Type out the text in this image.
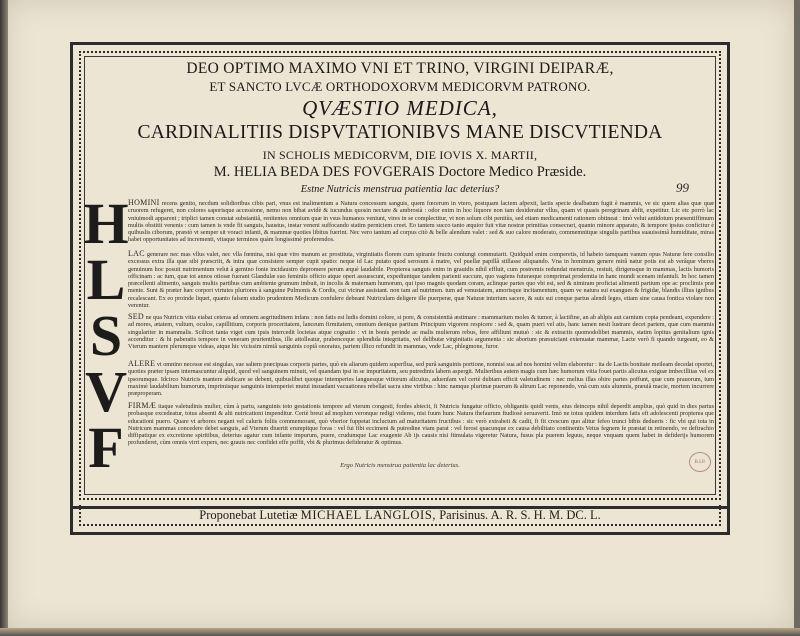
DEO OPTIMO MAXIMO VNI ET TRINO, VIRGINI DEIPARÆ,
ET SANCTO LVCÆ ORTHODOXORVM MEDICORVM PATRONO.
QVÆSTIO MEDICA,
CARDINALITIIS DISPVTATIONIBVS MANE DISCVTIENDA
IN SCHOLIS MEDICORVM, DIE IOVIS X. MARTII,
M. HELIA BEDA DES FOVGERAIS Doctore Medico Præside.
Estne Nutricis menstrua patientia lac deterius?	99
H
L
S
V
F
HOMINI recens genito, necdum solidioribus cibis pari, vnus est inalimentum a Natura concessum sanguis, quem fœcerum in vtero, postquam lactem afpexit, lactis specie dealbatum fugit è mammis, ve sic quem alias quæ quæ cruorem refugeret, non colores saporisque accessione, nemo non bibat avidè & iucundus quosin nectare & ambrosià : odor enim in hoc liquore non tam desideratur vllus, quam vt quasis peregrinam abfit, expetitur. Lic etc porrò lac vniuimodi apparent ; triplici tamen constat substantiâ, renitentes omnium quæ in vsus humanos veniunt, vires in se complectitur, vt non solum cibi penitùs, sed etiam medicamenti rationem obtineat : imò velut antidotum præsentiffimum multis obstitit venenis : cum tamen is vnde fit sanguis, haustus, instar veneni suffocando statim perniciem creet. Eo tantem succo tanto æquior fuit vitæ nostræ primitias consecrari, quanto minore apparato, & tempore ipsius conficitur è quibuslis ciborum, præstò vt semper sit voraci infanti, & mammæ quoties libitus fuerint. Nec vero tantum ad corpus citò & belle alendum valet : sed & suo calore moderato, commemnitque singulis partibus suauissimâ humiditate, miras habet opportunitates ad incrementi, vitaque terminos quàm longissimè proferendos.
LAC generare nec mas vllus valet, nec vlla fœmina, nisi quæ viro manum ac prostituta, virginitatis florem cum spirante fructu coniungi commutarit. Quidquid enim comperetis, id habeto tamquam vanum opus Naturæ fere consilio excessus extra illa quæ sibi præscriit, & intra quæ consistere semper cupit spatio: neque id Lac putato quod serosum à matre, vel puellæ papillâ stillasse aliquando. Vna in hominum genere mirâ natur potis est ab verâque vberes genuinum hoc posuit nutrimentum velut à gemino fonte incidaustro depromere perum æquè laudabile. Propterea sanguis enim in grauidis nihil effluit, cum postremis redundat menstruis, restuit, dirigensque in mammas, lactis humoris officinam : ac tum, quæ tot annos otiosæ fuerant Glandulæ suo feminiis officio atque operi assuescunt, expediuntque tandem parienti succum, quo vagiens futuræque comprimat prodemtia in hanc mundi scenam infantuli. In hoc tamen præcellenti alimento, sanguis multis partibus cum ambiente grumum imbuit, in incolis & maternam humorum, qui ipso magnis quodam coram, aclinque partes quo vbi est, sed & nimiram proficiat alimenti partium ope ac proclimis præ mente. Sunt & præter hæc corpori virtutes pluriores à sanguine Pulmonis & Cordis, cui vicinæ assistant. non tam ad nutrimen. tum ad venustatem, amorisque incitamentum, quam ve natura sui exangues & frigidæ, blandis illius ignibus recalescant. Ex eo proinde liquet, quanto falsem studio prudentem Medicum confulere debeant Nutriculam deligere ille puerperæ, quæ Naturæ interium sacere, & suis sui conque partus alendi leges, etiam sine causa fontica violare non verentur.
SED ne qua Nutricis vitia eiabat ceteras ad omnem aegritudinem infans : non fatis est ludis domini colore, si pore, & consistentià æstimare : mammarium moles & tumor, à lactifine, an ab ablpis aut carnium copia pendeant, expendere : ad mores, ætatem, vultum, oculos, capillitium, corporis proceritatem, lanceum firmitatem, omnium denique partium Principum vigorem respicere : sed &, quam pueri vel atis, hanc tamen nesit lustrare decet partem, quæ cum mammis singulariter in mammalis. Scilicet tanta viget cum ipsis intercedit locietas atque cognatio : vt in bonis perinde ac malis mulierum rebus, fere affiliunt mutuò : sic & extractis quomodolibet mammis, statim lopitus genitalium ignis accenditur : & hi paberatis tempore in veneram prurientibus, ille attolleatur, prabenceque splendida integritatis, vel delibutæ virginitatis argumenta : sic abortum præsuiciant extenuatæ mammæ, Lacte verò fi quando turgeant, eo & Vterum mantere plerumque videas, atque hic vicissim nimiâ sanguinis copiâ onoratus, partem illico refundit in mammas, vnde Lac, phlegmone, furor.
ALERE vt omnino necesse est singulas, sue saltem præcipuas corporis partes, quò eis aliarum quidem superflua, sed purâ sanguinis portione, nonnisi sua ad nos homini velim elaboretur : ita de Lactis bonitate meileam decedat oportet, quoties præter ipsam internascuntur aliquid, quod vel sanguinem minuit, vel quandam ipsi in se impuritatem, seu putredinis labem aspergit. Mulieribus autem magis cum hæc humorum vitia fouet partis alicuius exiguæ imbecillitas vel ex ipsorumque. Idcirco Nutricis mantere abdicare se debent, quibuslibet quoque intemperies languesque vitiorum alicuius, aduenfam vel certè dubiam efficit valetudinem : nec melius illas obire partes poffunt, quæ cum prauorum, tum maximè laudabilium humorum, imprimisque sanguinis intemperiei mutui insuadant vacuationes rebellat sacra sine virtibus : hinc namque plurimæ puerum & altrum Lac reponendo, vnà cum suis alumnis, præuiâ macie, mortem incurrere præproperam.
FIRMÆ itaque valetudinis mulier, cùm à partu, sanguinis toto gestationis tempore ad vterum congesti, fordes abiecit, fi Nutricis fungatur officio, obligantis quidi venis, eius deinceps nihil deperdit amplius, quò quid in dies partus probasque excedeatur, totus absenti & alti nutricationi impenditur. Certè breui ad moplum veronque redigi videres, nisi fuum hunc Natura thefaurum ftudiosè seruaverit. Imò ne totus quidem interdum fatis eft adolescenti propterea que educationi puero. Quare vt arbores negant vel caluris foliis commemorant, quò vberior fuppetat incluctum ad maturitatem fructibus : sic verò extrabeit & cadit, fi fit crescum quo alitur fefeo trunci bibis dedueris : fic vbi qui tota in Nutricum mammas concedere debet sanguis, ad Vterum diuertit erumpitque foras : vel fui fibi eccimeni & putredine viam parat : vel ferosi quacunque ex causa debilitato continentis Vetus fegnem fe præstat in retinendo, ve deftrachio diffipatique ex excretione spiritibus, deterius agatur cum infante impurum, puere, crudumque Lac exagente Ab ijs causis nisi ftimulata vigeretur Natura, fusus pla puerem leguus, neque vnquam quem habet in defiderijs humorem profunderet, cùm omnis virri expers, nec grauis nec confidet effe poffit, vbi & plurimus defideratur & optimus.
Ergo Nutricis menstrua patientia lac deterius.	B.I.P.
Proponebat Lutetiæ MICHAEL LANGLOIS, Parisinus. A. R. S. H. M. DC. L.
